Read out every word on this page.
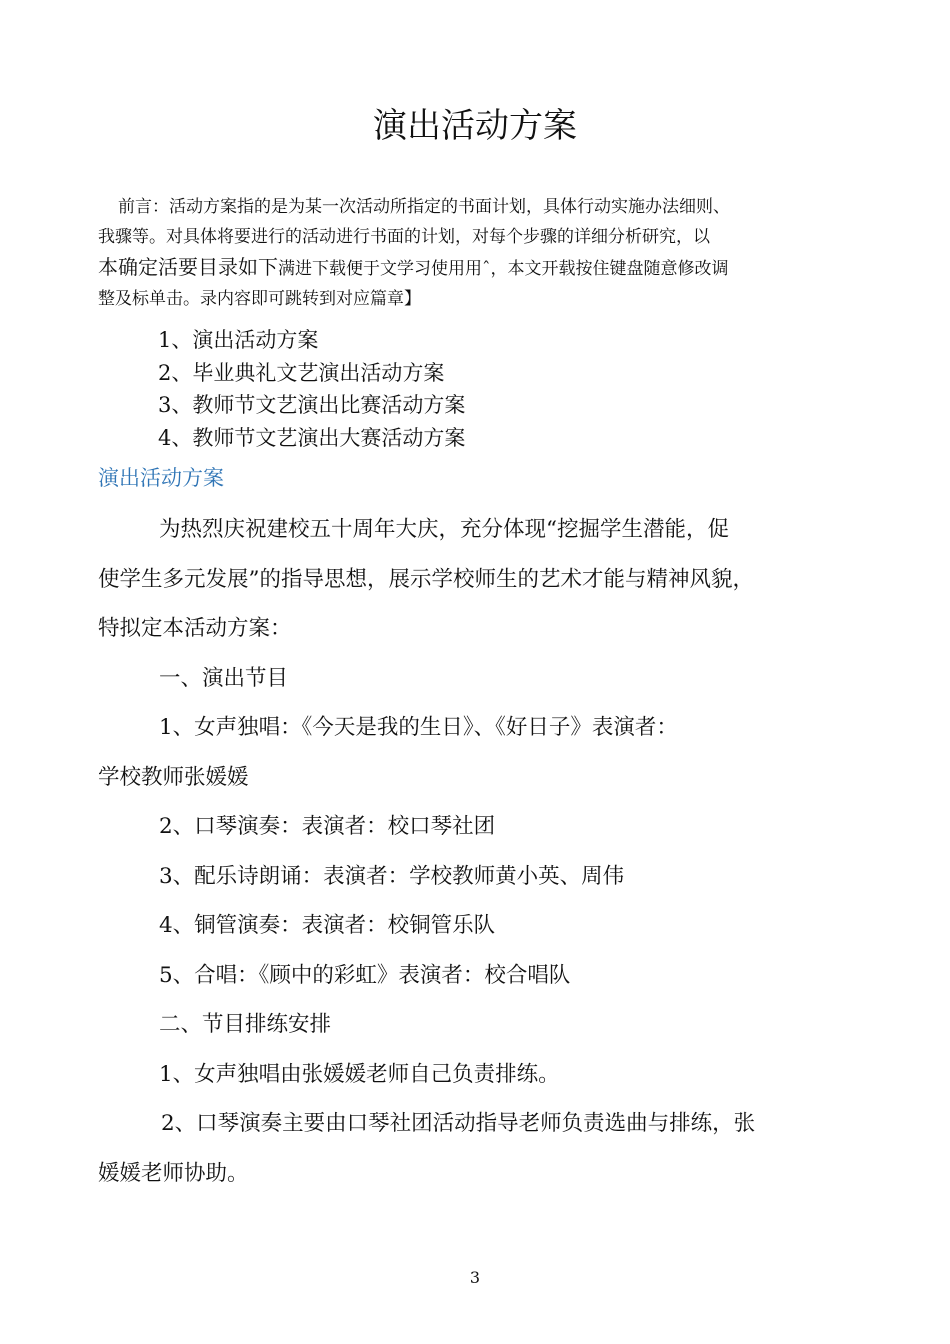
演出活动方案

前言：活动方案指的是为某一次活动所指定的书面计划，具体行动实施办法细则、
我骤等。对具体将要进行的活动进行书面的计划，对每个步骤的详细分析研究，以
本确定活要目录如下满进下载便于文学习使用用ˆ，本文开载按住键盘随意修改调
整及标单击。录内容即可跳转到对应篇章】

1、演出活动方案
2、毕业典礼文艺演出活动方案
3、教师节文艺演出比赛活动方案
4、教师节文艺演出大赛活动方案
演出活动方案
为热烈庆祝建校五十周年大庆，充分体现“挖掘学生潜能，促
使学生多元发展”的指导思想，展示学校师生的艺术才能与精神风貌，
特拟定本活动方案：
一、演出节目
1、女声独唱：《今天是我的生日》、《好日子》表演者：
学校教师张媛媛
2、口琴演奏：表演者：校口琴社团
3、配乐诗朗诵：表演者：学校教师黄小英、周伟
4、铜管演奏：表演者：校铜管乐队
5、合唱：《顾中的彩虹》表演者：校合唱队
二、节目排练安排
1、女声独唱由张媛媛老师自己负责排练。
2、口琴演奏主要由口琴社团活动指导老师负责选曲与排练，张
媛媛老师协助。
3
